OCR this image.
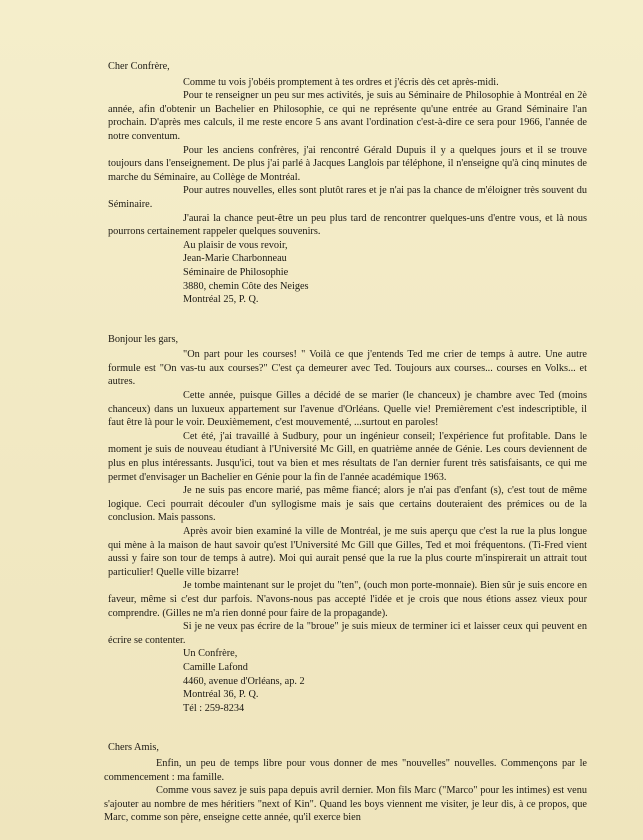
Cher Confrère,

Comme tu vois j'obéis promptement à tes ordres et j'écris dès cet après-midi.

Pour te renseigner un peu sur mes activités, je suis au Séminaire de Philosophie à Montréal en 2è année, afin d'obtenir un Bachelier en Philosophie, ce qui ne représente qu'une entrée au Grand Séminaire l'an prochain. D'après mes calculs, il me reste encore 5 ans avant l'ordination c'est-à-dire ce sera pour 1966, l'année de notre conventum.

Pour les anciens confrères, j'ai rencontré Gérald Dupuis il y a quelques jours et il se trouve toujours dans l'enseignement. De plus j'ai parlé à Jacques Langlois par téléphone, il n'enseigne qu'à cinq minutes de marche du Séminaire, au Collège de Montréal.

Pour autres nouvelles, elles sont plutôt rares et je n'ai pas la chance de m'éloigner très souvent du Séminaire.

J'aurai la chance peut-être un peu plus tard de rencontrer quelques-uns d'entre vous, et là nous pourrons certainement rappeler quelques souvenirs.

Au plaisir de vous revoir,

Jean-Marie Charbonneau

Séminaire de Philosophie

3880, chemin Côte des Neiges

Montréal 25, P. Q.

Bonjour les gars,

"On part pour les courses! " Voilà ce que j'entends Ted me crier de temps à autre. Une autre formule est "On vas-tu aux courses?" C'est ça demeurer avec Ted. Toujours aux courses... courses en Volks... et autres.

Cette année, puisque Gilles a décidé de se marier (le chanceux) je chambre avec Ted (moins chanceux) dans un luxueux appartement sur l'avenue d'Orléans. Quelle vie! Premièrement c'est indescriptible, il faut être là pour le voir. Deuxièmement, c'est mouvementé, ...surtout en paroles!

Cet été, j'ai travaillé à Sudbury, pour un ingénieur conseil; l'expérience fut profitable. Dans le moment je suis de nouveau étudiant à l'Université Mc Gill, en quatrième année de Génie. Les cours deviennent de plus en plus intéressants. Jusqu'ici, tout va bien et mes résultats de l'an dernier furent très satisfaisants, ce qui me permet d'envisager un Bachelier en Génie pour la fin de l'année académique 1963.

Je ne suis pas encore marié, pas même fiancé; alors je n'ai pas d'enfant (s), c'est tout de même logique. Ceci pourrait découler d'un syllogisme mais je sais que certains douteraient des prémices ou de la conclusion. Mais passons.

Après avoir bien examiné la ville de Montréal, je me suis aperçu que c'est la rue la plus longue qui mène à la maison de haut savoir qu'est l'Université Mc Gill que Gilles, Ted et moi fréquentons. (Ti-Fred vient aussi y faire son tour de temps à autre). Moi qui aurait pensé que la rue la plus courte m'inspirerait un attrait tout particulier! Quelle ville bizarre!

Je tombe maintenant sur le projet du "ten", (ouch mon porte-monnaie). Bien sûr je suis encore en faveur, même si c'est dur parfois. N'avons-nous pas accepté l'idée et je crois que nous étions assez vieux pour comprendre. (Gilles ne m'a rien donné pour faire de la propagande).

Si je ne veux pas écrire de la "broue" je suis mieux de terminer ici et laisser ceux qui peuvent en écrire se contenter.

Un Confrère,

Camille Lafond

4460, avenue d'Orléans, ap. 2

Montréal 36, P. Q.

Tél : 259-8234

Chers Amis,

Enfin, un peu de temps libre pour vous donner de mes "nouvelles" nouvelles. Commençons par le commencement : ma famille.

Comme vous savez je suis papa depuis avril dernier. Mon fils Marc ("Marco" pour les intimes) est venu s'ajouter au nombre de mes héritiers "next of Kin". Quand les boys viennent me visiter, je leur dis, à ce propos, que Marc, comme son père, enseigne cette année, qu'il exerce bien
